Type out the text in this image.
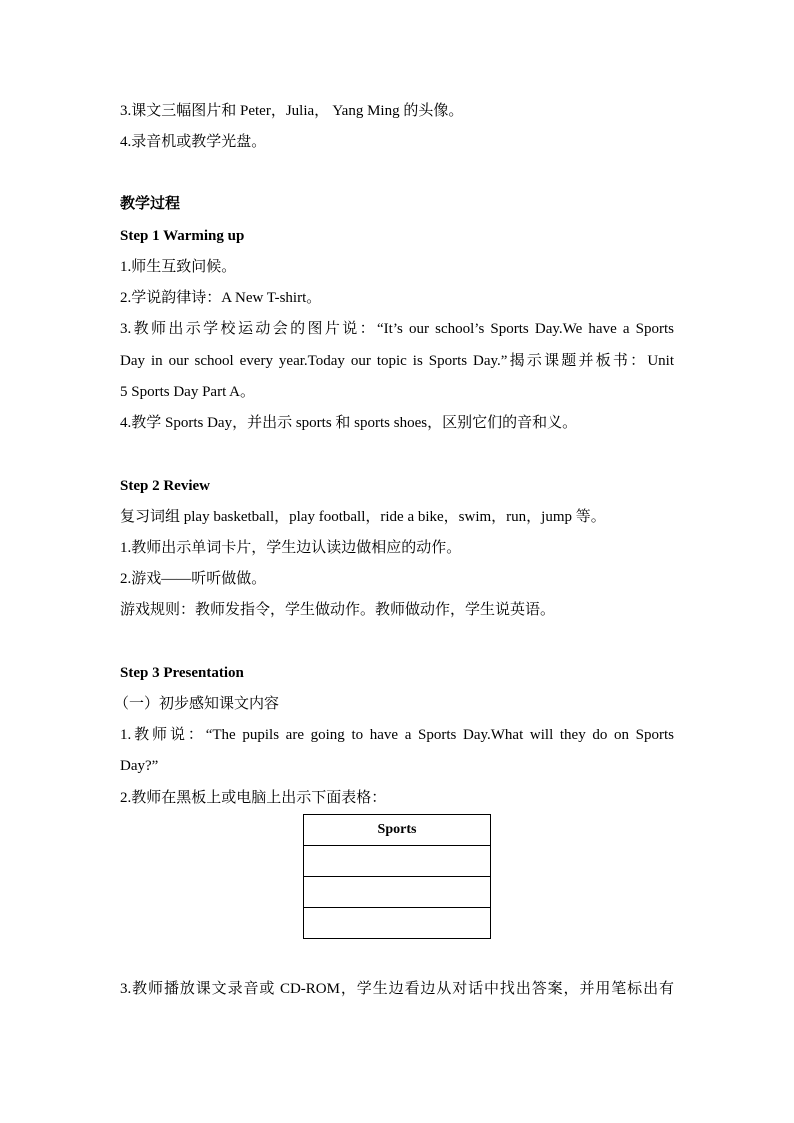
3.课文三幅图片和 Peter，Julia， Yang Ming 的头像。

4.录音机或教学光盘。

教学过程

Step 1 Warming up

1.师生互致问候。

2.学说韵律诗：A New T-shirt。

3.教师出示学校运动会的图片说：“It’s our school’s Sports Day.We have a Sports

Day in our school every year.Today our topic is Sports Day.”揭示课题并板书：Unit

5 Sports Day Part A。

4.教学 Sports Day，并出示 sports 和 sports shoes，区别它们的音和义。

Step 2 Review

复习词组 play basketball，play football，ride a bike，swim，run，jump 等。

1.教师出示单词卡片，学生边认读边做相应的动作。

2.游戏——听听做做。

游戏规则：教师发指令，学生做动作。教师做动作，学生说英语。

Step 3 Presentation

（一）初步感知课文内容

1.教师说：“The pupils are going to have a Sports Day.What will they do on Sports

Day?”

2.教师在黑板上或电脑上出示下面表格：

Sports

3.教师播放课文录音或 CD-ROM，学生边看边从对话中找出答案，并用笔标出有
